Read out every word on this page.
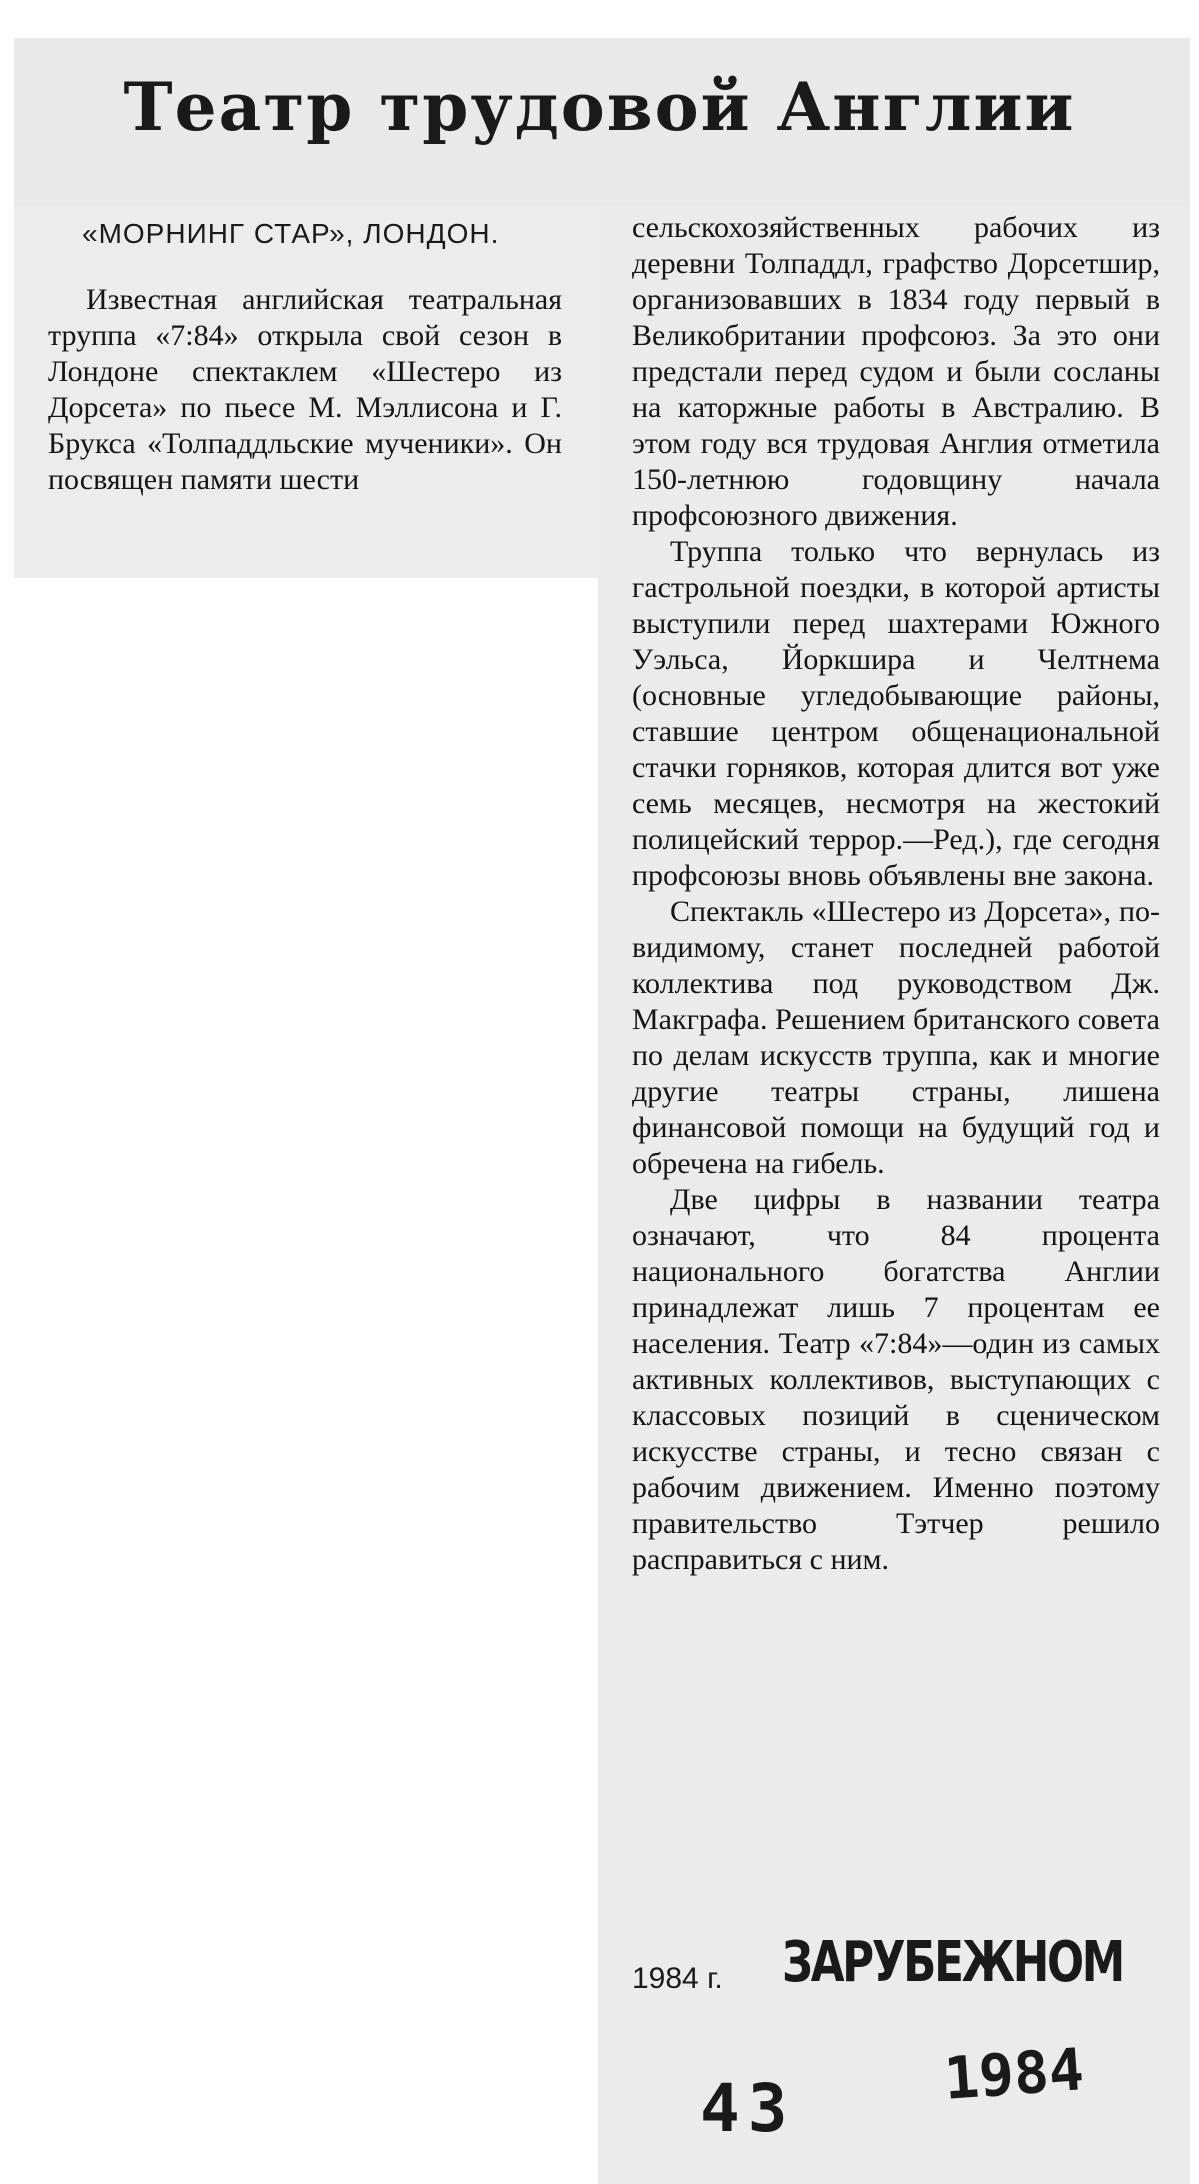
Театр трудовой Англии
«МОРНИНГ СТАР», ЛОНДОН.

Известная английская театральная труппа «7:84» открыла свой сезон в Лондоне спектаклем «Шестеро из Дорсета» по пьесе М. Мэллисона и Г. Брукса «Толпаддльские мученики». Он посвящен памяти шести

сельскохозяйственных рабочих из деревни Толпаддл, графство Дорсетшир, организовавших в 1834 году первый в Великобритании профсоюз. За это они предстали перед судом и были сосланы на каторжные работы в Австралию. В этом году вся трудовая Англия отметила 150-летнюю годовщину начала профсоюзного движения.

Труппа только что вернулась из гастрольной поездки, в которой артисты выступили перед шахтерами Южного Уэльса, Йоркшира и Челтнема (основные угледобывающие районы, ставшие центром общенациональной стачки горняков, которая длится вот уже семь месяцев, несмотря на жестокий полицейский террор.—Ред.), где сегодня профсоюзы вновь объявлены вне закона.

Спектакль «Шестеро из Дорсета», по-видимому, станет последней работой коллектива под руководством Дж. Макграфа. Решением британского совета по делам искусств труппа, как и многие другие театры страны, лишена финансовой помощи на будущий год и обречена на гибель.

Две цифры в названии театра означают, что 84 процента национального богатства Англии принадлежат лишь 7 процентам ее населения. Театр «7:84»—один из самых активных коллективов, выступающих с классовых позиций в сценическом искусстве страны, и тесно связан с рабочим движением. Именно поэтому правительство Тэтчер решило расправиться с ним.

1984 г. ЗАРУБЕЖНОМ
43	1984
